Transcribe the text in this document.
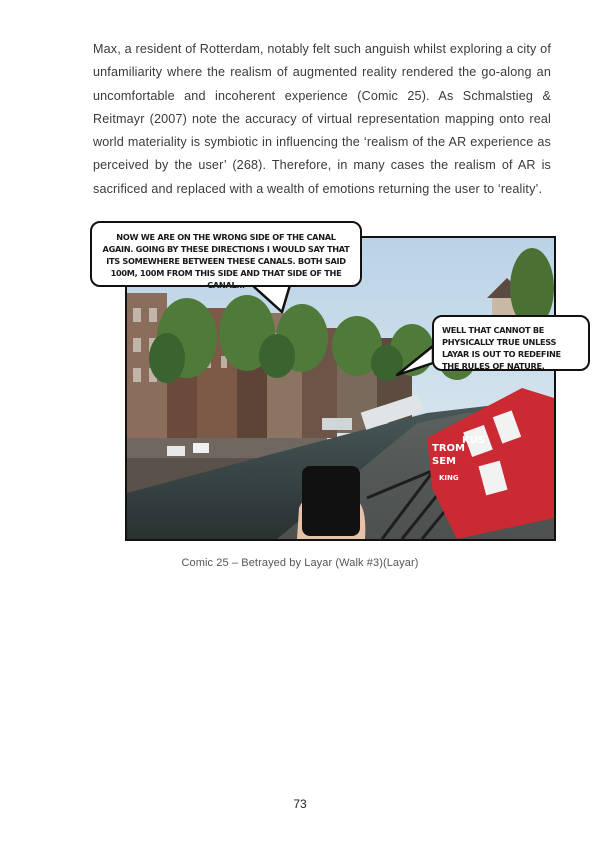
Max, a resident of Rotterdam, notably felt such anguish whilst exploring a city of unfamiliarity where the realism of augmented reality rendered the go-along an uncomfortable and incoherent experience (Comic 25). As Schmalstieg & Reitmayr (2007) note the accuracy of virtual representation mapping onto real world materiality is symbiotic in influencing the ‘realism of the AR experience as perceived by the user’ (268). Therefore, in many cases the realism of AR is sacrificed and replaced with a wealth of emotions returning the user to ‘reality’.

TROM
KUS
SEM
KING
NOW WE ARE ON THE WRONG SIDE OF THE CANAL AGAIN. GOING BY THESE DIRECTIONS I WOULD SAY THAT ITS SOMEWHERE BETWEEN THESE CANALS. BOTH SAID 100M, 100M FROM THIS SIDE AND THAT SIDE OF THE CANAL...
WELL THAT CANNOT BE PHYSICALLY TRUE UNLESS LAYAR IS OUT TO REDEFINE THE RULES OF NATURE.
Comic 25 – Betrayed by Layar (Walk #3)(Layar)
73
